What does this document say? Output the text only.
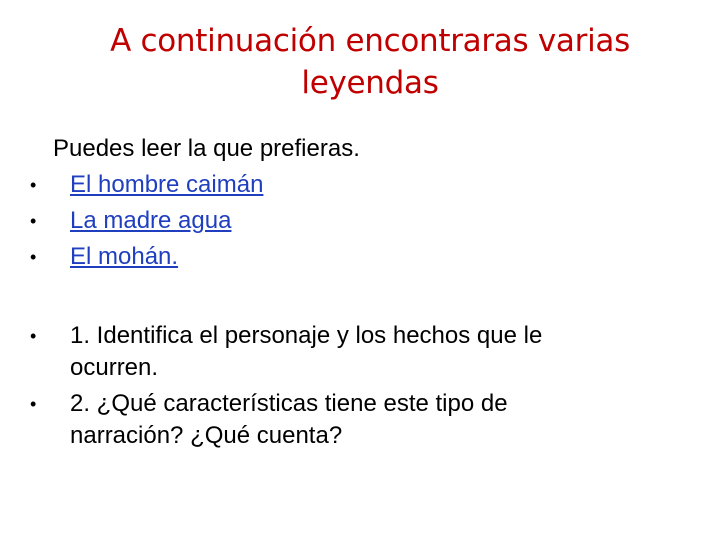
A continuación encontraras varias
leyendas
Puedes leer la que prefieras.
•	El hombre caimán
•	La madre agua
•	El mohán.
•	1. Identifica el personaje y los hechos que le ocurren.
•	2. ¿Qué características tiene este tipo de narración? ¿Qué cuenta?
